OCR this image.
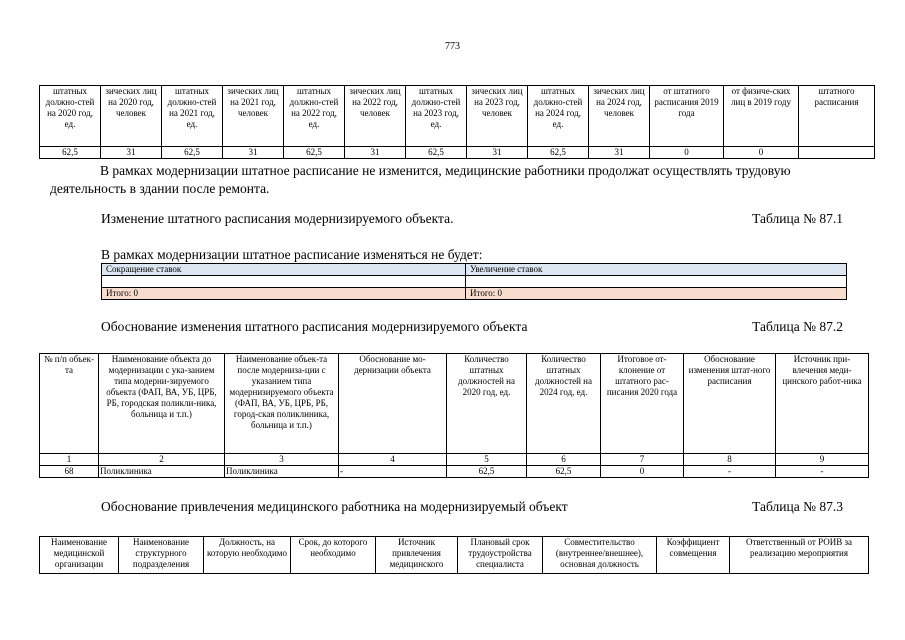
773
штатных должно-стей на 2020 год, ед.	зических лиц на 2020 год, человек	штатных должно-стей на 2021 год, ед.	зических лиц на 2021 год, человек	штатных должно-стей на 2022 год, ед.	зических лиц на 2022 год, человек	штатных должно-стей на 2023 год, ед.	зических лиц на 2023 год, человек	штатных должно-стей на 2024 год, ед.	зических лиц на 2024 год, человек	от штатного расписания 2019 года	от физиче-ских лиц в 2019 году	штатного расписания
62,5	31	62,5	31	62,5	31	62,5	31	62,5	31	0	0	
В рамках модернизации штатное расписание не изменится, медицинские работники продолжат осуществлять трудовую деятельность в здании после ремонта.
Изменение штатного расписания модернизируемого объекта.	Таблица № 87.1
В рамках модернизации штатное расписание изменяться не будет:
Сокращение ставок	Увеличение ставок

Итого: 0	Итого: 0
Обоснование изменения штатного расписания модернизируемого объекта	Таблица № 87.2
№ п/п объек-та	Наименование объекта до модернизации с ука-занием типа модерни-зируемого объекта (ФАП, ВА, УБ, ЦРБ, РБ, городская поликли-ника, больница и т.п.)	Наименование объек-та после модерниза-ции с указанием типа модернизируемого объекта (ФАП, ВА, УБ, ЦРБ, РБ, город-ская поликлиника, больница и т.п.)	Обоснование мо-дернизации объекта	Количество штатных должностей на 2020 год, ед.	Количество штатных должностей на 2024 год, ед.	Итоговое от-клонение от штатного рас-писания 2020 года	Обоснование изменения штат-ного расписания	Источник при-влечения меди-цинского работ-ника
1	2	3	4	5	6	7	8	9
68	Поликлиника	Поликлиника	-	62,5	62,5	0	-	-
Обоснование привлечения медицинского работника на модернизируемый объект	Таблица № 87.3
Наименование медицинской организации	Наименование структурного подразделения	Должность, на которую необходимо	Срок, до которого необходимо	Источник привлечения медицинского	Плановый срок трудоустройства специалиста	Совместительство (внутреннее/внешнее), основная должность	Коэффициент совмещения	Ответственный от РОИВ за реализацию мероприятия
